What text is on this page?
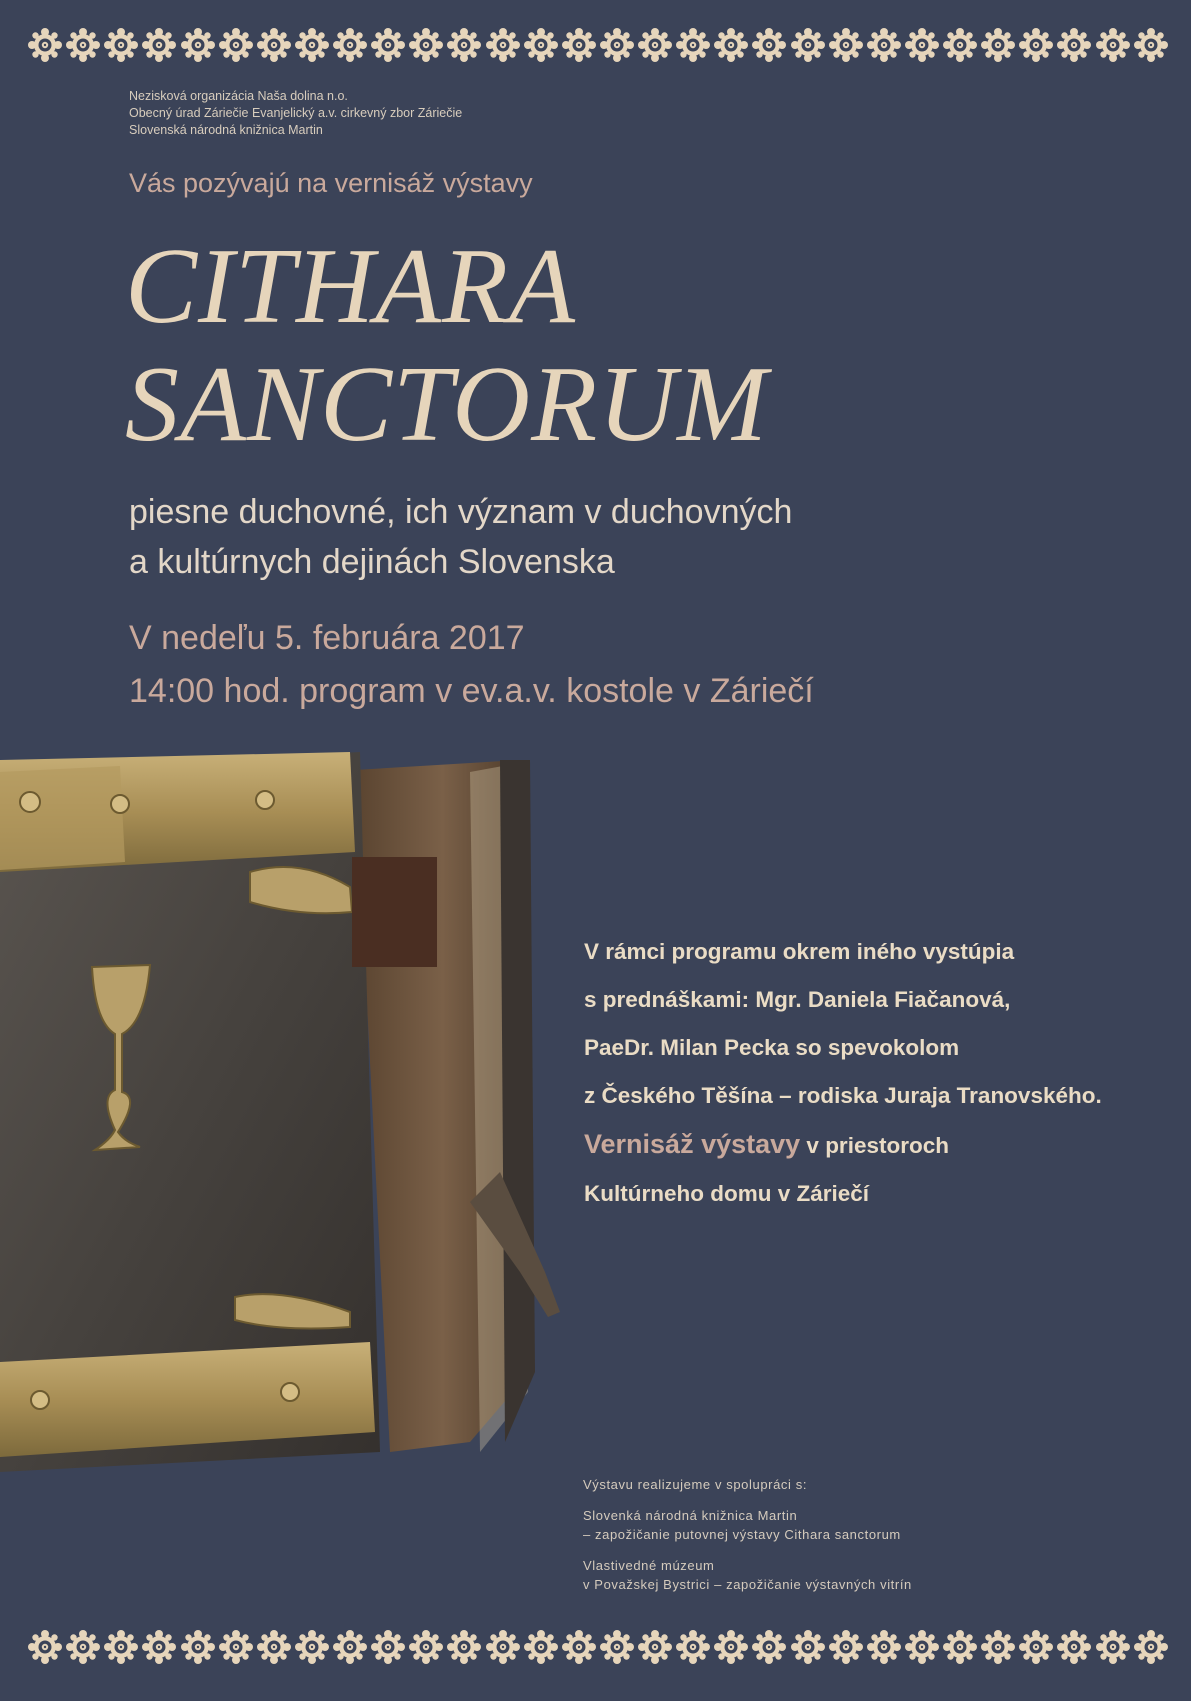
Nezisková organizácia Naša dolina n.o.
Obecný úrad Záriečie Evanjelický a.v. cirkevný zbor Záriečie
Slovenská národná knižnica Martin
Vás pozývajú na vernisáž výstavy
CITHARA
SANCTORUM
piesne duchovné, ich význam v duchovných
a kultúrnych dejinách Slovenska
V nedeľu 5. februára 2017
14:00 hod. program v ev.a.v. kostole v Záriečí
V rámci programu okrem iného vystúpia
s prednáškami: Mgr. Daniela Fiačanová,
PaeDr. Milan Pecka so spevokolom
z Českého Těšína – rodiska Juraja Tranovského.
Vernisáž výstavy v priestoroch
Kultúrneho domu v Záriečí
Výstavu realizujeme v spolupráci s:
Slovenká národná knižnica Martin
– zapožičanie putovnej výstavy Cithara sanctorum
Vlastivedné múzeum
v Považskej Bystrici – zapožičanie výstavných vitrín
